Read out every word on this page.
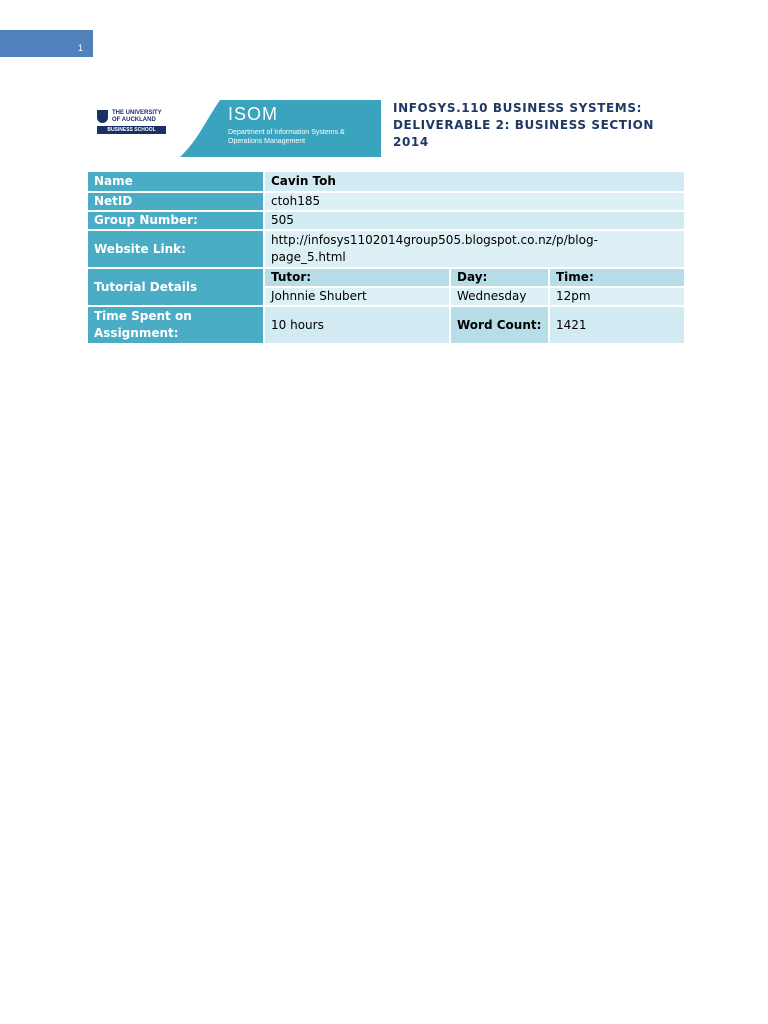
1
THE UNIVERSITY
OF AUCKLAND
BUSINESS SCHOOL
www.isom.auckland.ac.nz
ISOM
Department of Information Systems &
Operations Management
INFOSYS.110 BUSINESS SYSTEMS:
DELIVERABLE 2: BUSINESS SECTION
2014
Name	Cavin Toh		
NetID	ctoh185		
Group Number:	505		
Website Link:	http://infosys1102014group505.blogspot.co.nz/p/blog-
page_5.html		

Tutorial Details	Tutor:	Day:	Time:
	Johnnie Shubert	Wednesday	12pm

Time Spent on
Assignment:	10 hours	Word Count:	1421
